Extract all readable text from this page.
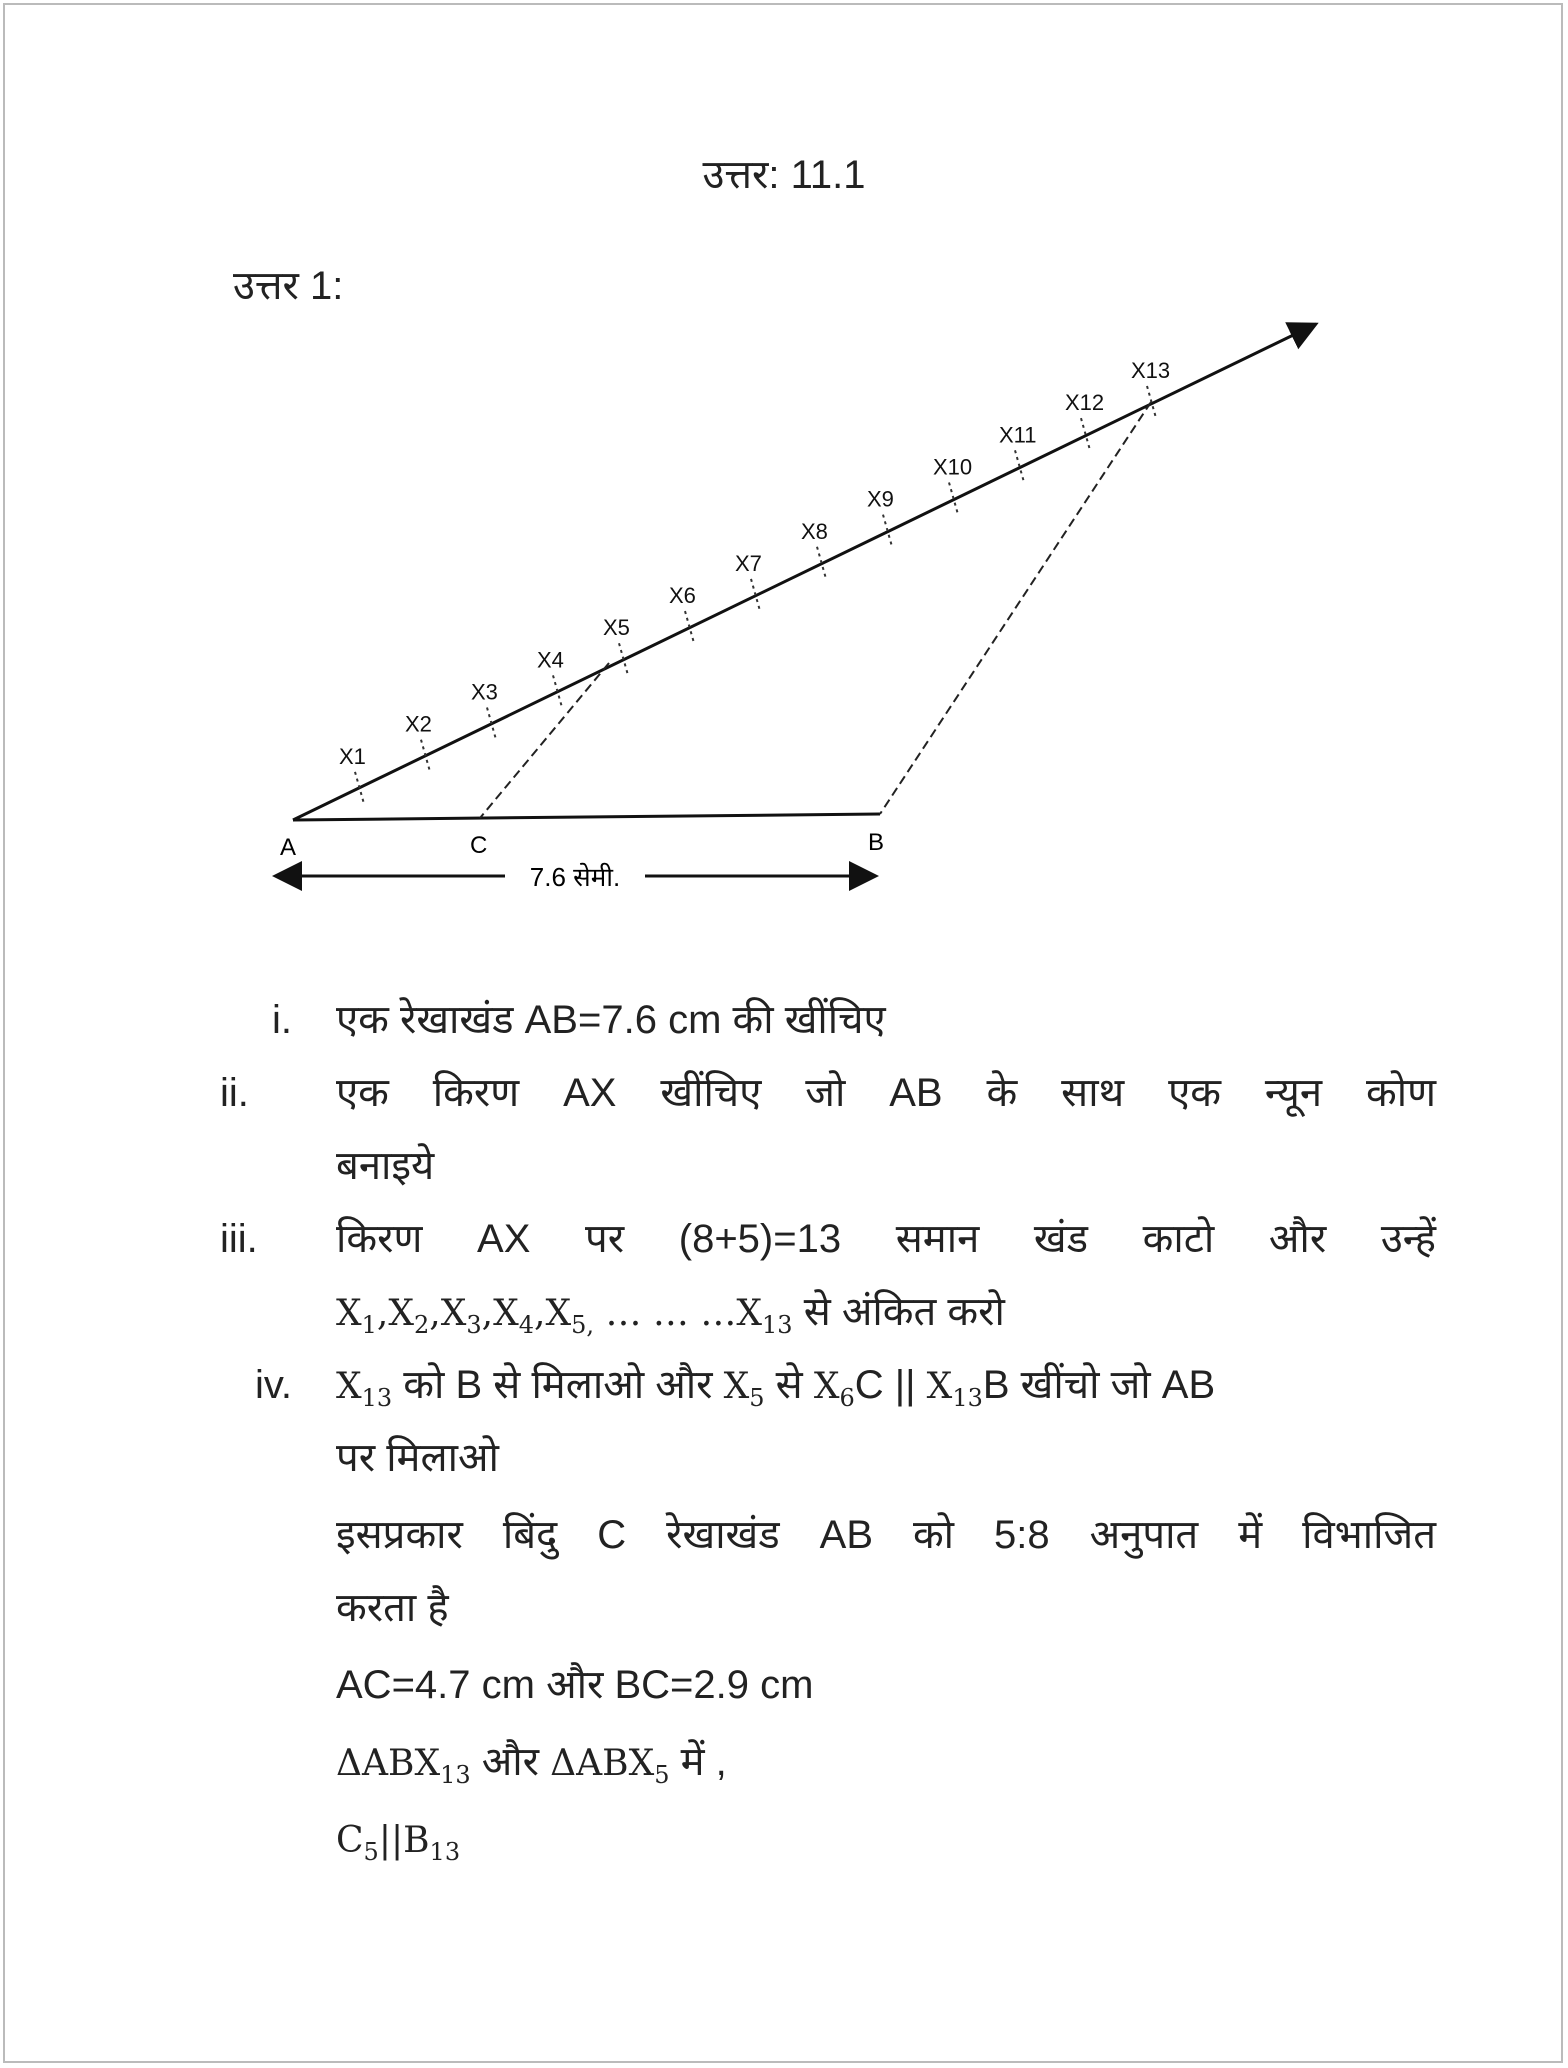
उत्तर: 11.1
उत्तर 1:
X1
X2
X3
X4
X5
X6
X7
X8
X9
X10
X11
X12
X13
A	C	B
7.6 सेमी.
i. एक रेखाखंड AB=7.6 cm की खींचिए
ii.	एक किरण AX खींचिए जो AB के साथ एक न्यून कोण
बनाइये
iii.	किरण AX पर (8+5)=13 समान खंड काटो और उन्हें
$X_1,X_2,X_3,X_4,X_{5,}$ … … $\dots X_{13}$ से अंकित करो
iv. $X_{13}$ को B से मिलाओ और $X_5$ से $X_6C$ || $X_{13}B$ खींचो जो AB
पर मिलाओ
इसप्रकार बिंदु C रेखाखंड AB को 5:8 अनुपात में विभाजित
करता है
AC=4.7 cm और BC=2.9 cm
$\Delta ABX_{13}$ और $\Delta ABX_5$ में ,
$C_5||B_{13}$
